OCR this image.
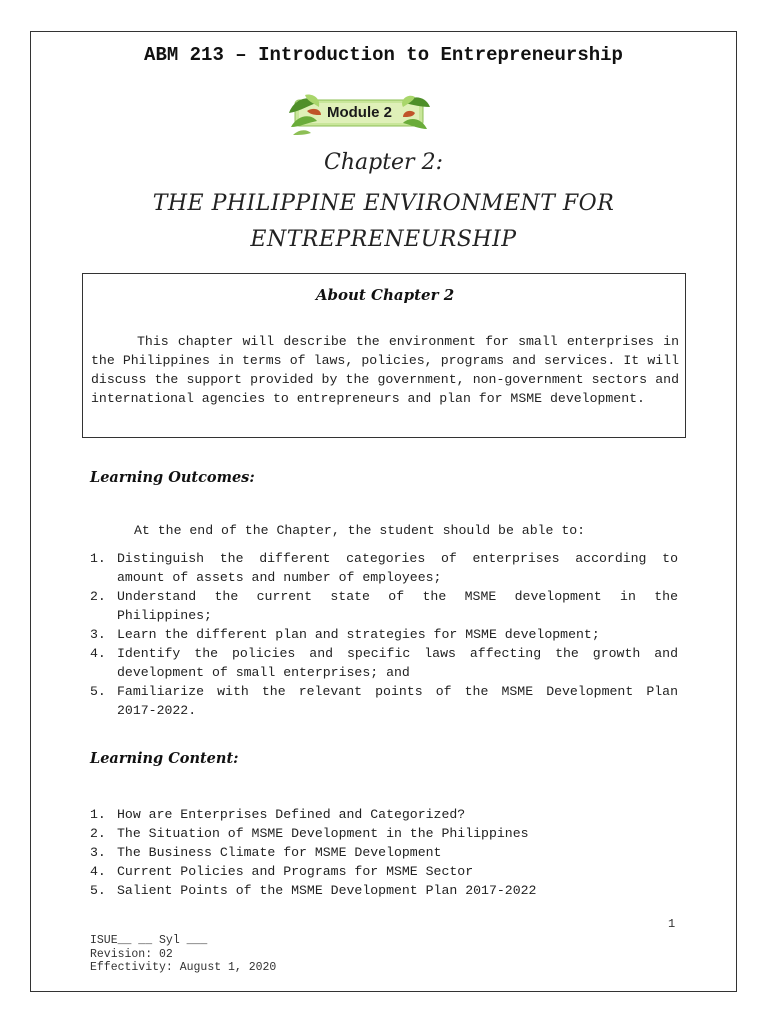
ABM 213 – Introduction to Entrepreneurship
Module 2
Chapter 2:
THE PHILIPPINE ENVIRONMENT FOR
ENTREPRENEURSHIP
About Chapter 2
This chapter will describe the environment for small enterprises in the Philippines in terms of laws, policies, programs and services. It will discuss the support provided by the government, non-government sectors and international agencies to entrepreneurs and plan for MSME development.
Learning Outcomes:
At the end of the Chapter, the student should be able to:
1. Distinguish the different categories of enterprises according to amount of assets and number of employees;
2. Understand the current state of the MSME development in the Philippines;
3. Learn the different plan and strategies for MSME development;
4. Identify the policies and specific laws affecting the growth and development of small enterprises; and
5. Familiarize with the relevant points of the MSME Development Plan 2017-2022.
Learning Content:
1. How are Enterprises Defined and Categorized?
2. The Situation of MSME Development in the Philippines
3. The Business Climate for MSME Development
4. Current Policies and Programs for MSME Sector
5. Salient Points of the MSME Development Plan 2017-2022
1
ISUE__ __ Syl ___
Revision: 02
Effectivity: August 1, 2020
